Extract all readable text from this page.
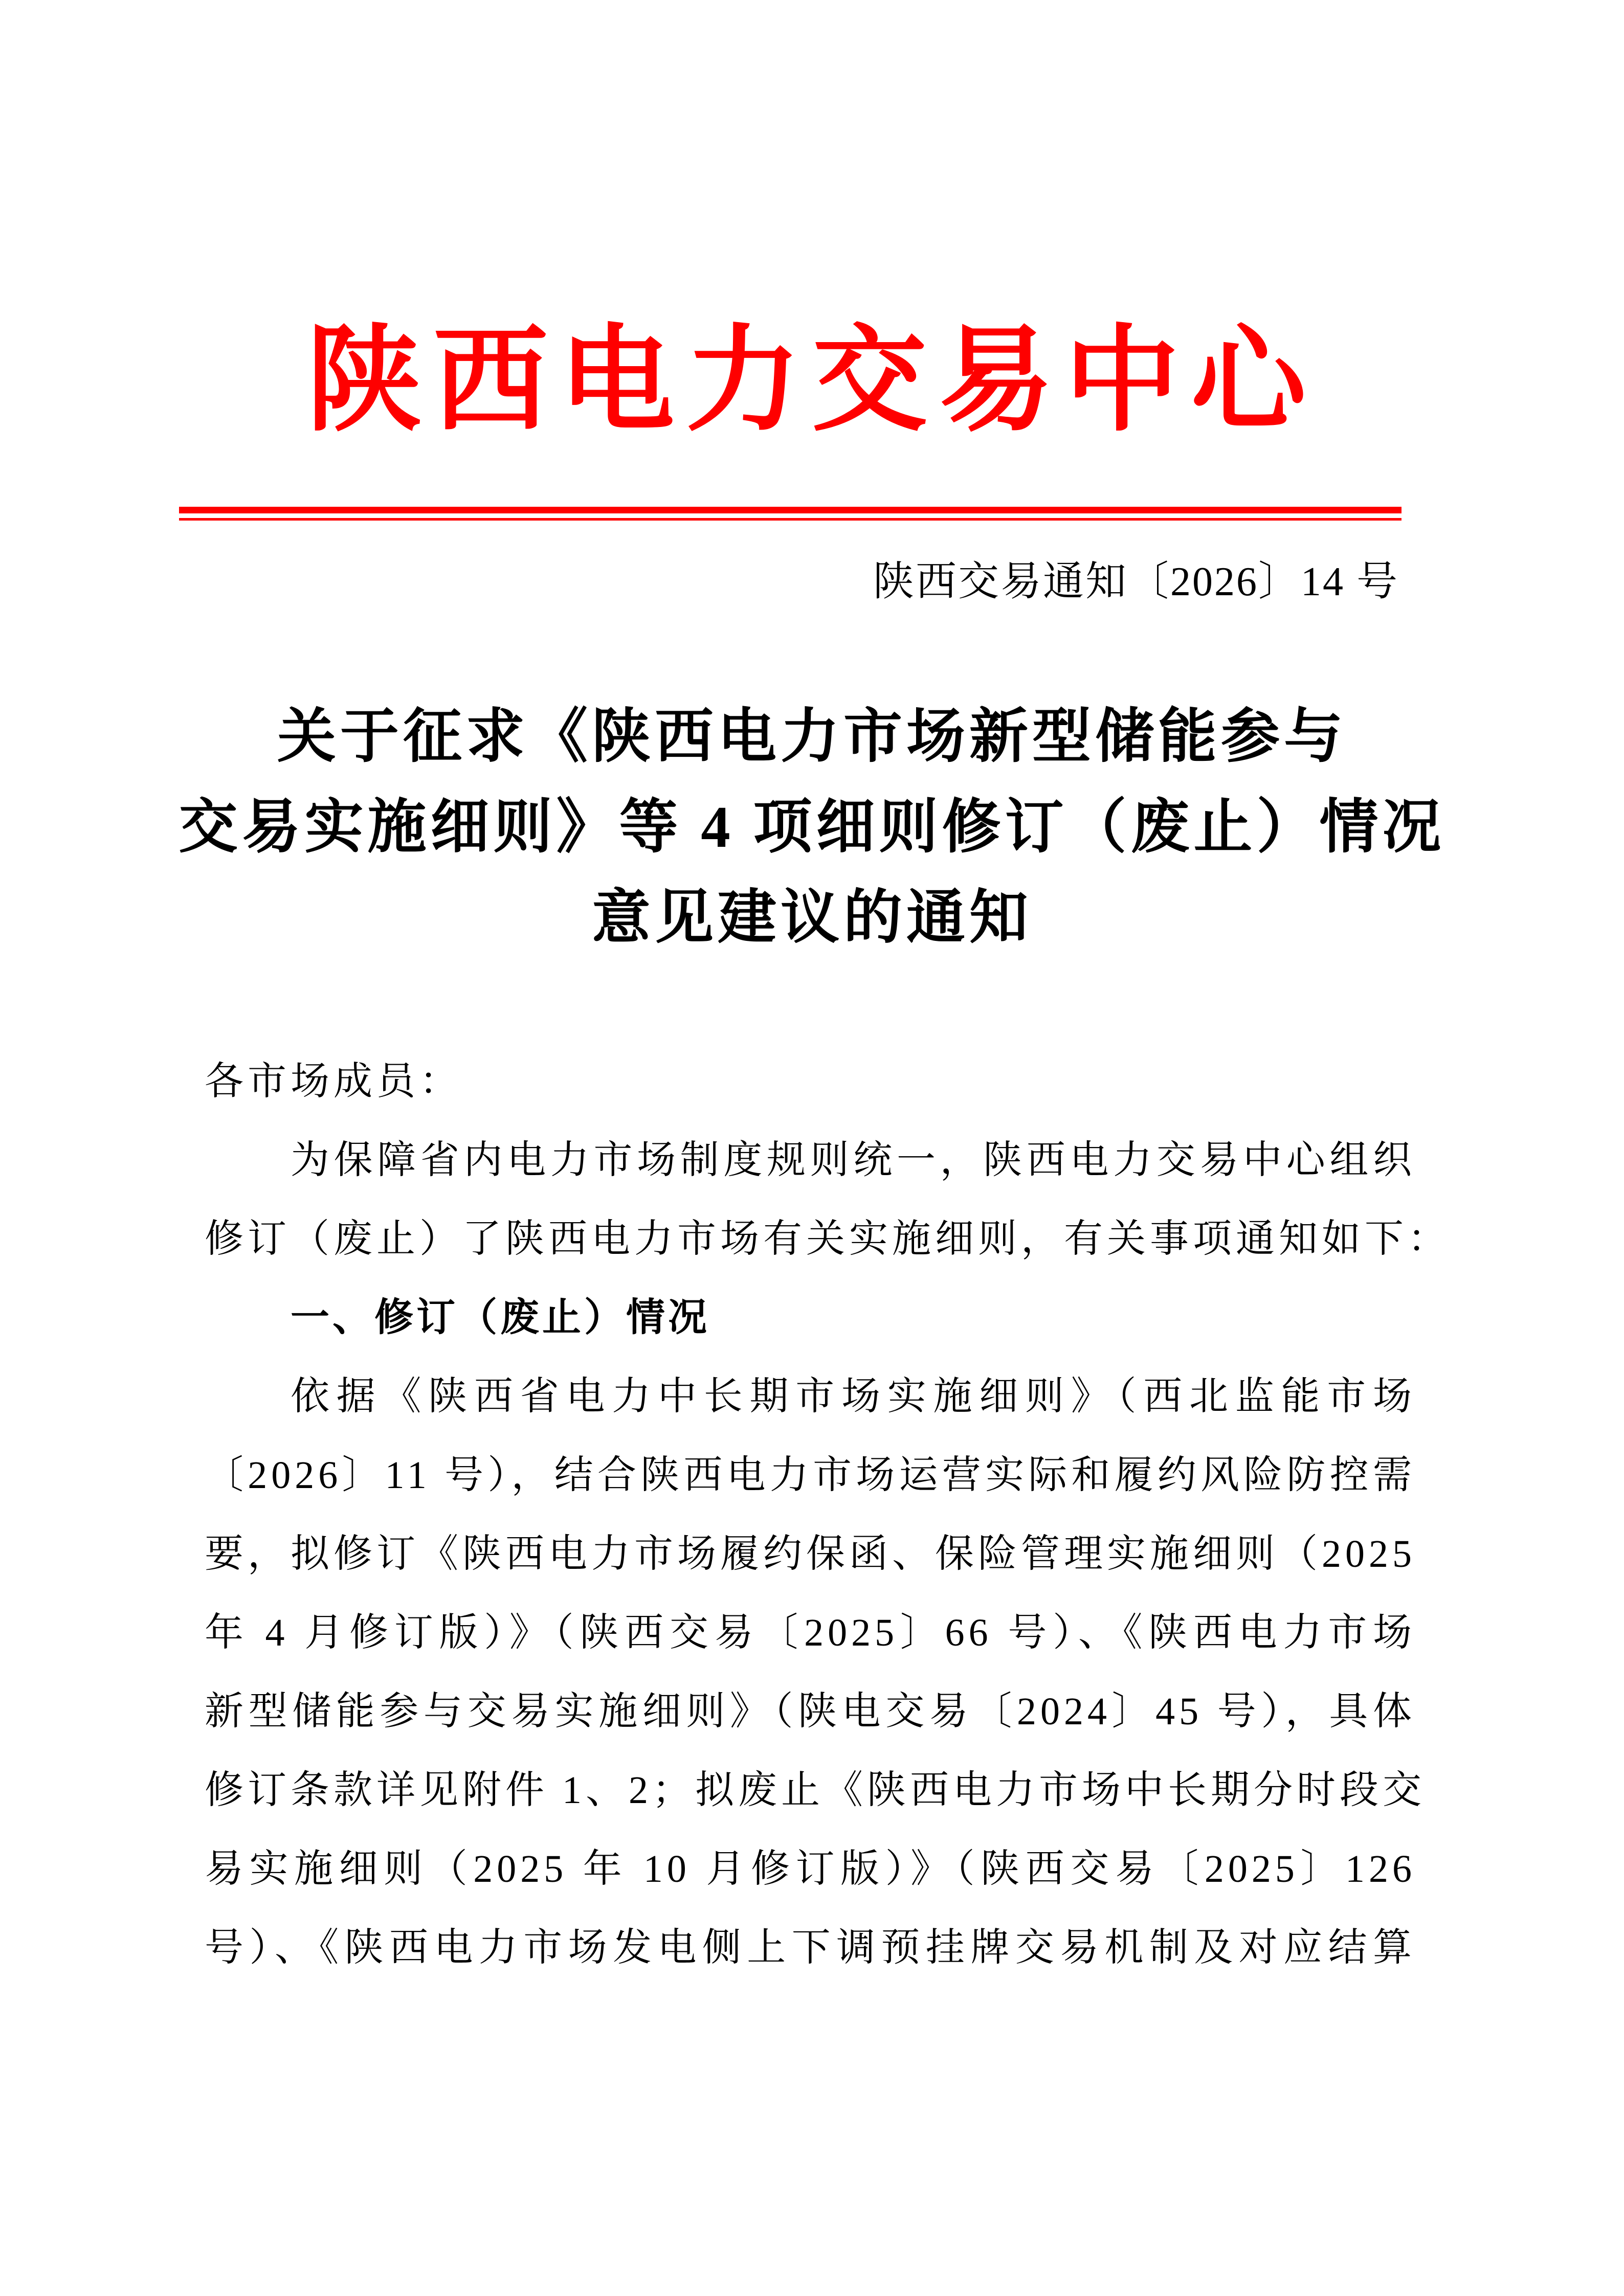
陕西电力交易中心
陕西交易通知〔2026〕14 号
关于征求《陕西电力市场新型储能参与
交易实施细则》等 4 项细则修订（废止）情况
意见建议的通知
各市场成员：
为保障省内电力市场制度规则统一，陕西电力交易中心组织
修订（废止）了陕西电力市场有关实施细则，有关事项通知如下：
一、修订（废止）情况
依据《陕西省电力中长期市场实施细则》（西北监能市场
〔2026〕11 号），结合陕西电力市场运营实际和履约风险防控需
要，拟修订《陕西电力市场履约保函、保险管理实施细则（2025
年 4 月修订版）》（陕西交易〔2025〕66 号）、《陕西电力市场
新型储能参与交易实施细则》（陕电交易〔2024〕45 号），具体
修订条款详见附件 1、2；拟废止《陕西电力市场中长期分时段交
易实施细则（2025 年 10 月修订版）》（陕西交易〔2025〕126
号）、《陕西电力市场发电侧上下调预挂牌交易机制及对应结算
